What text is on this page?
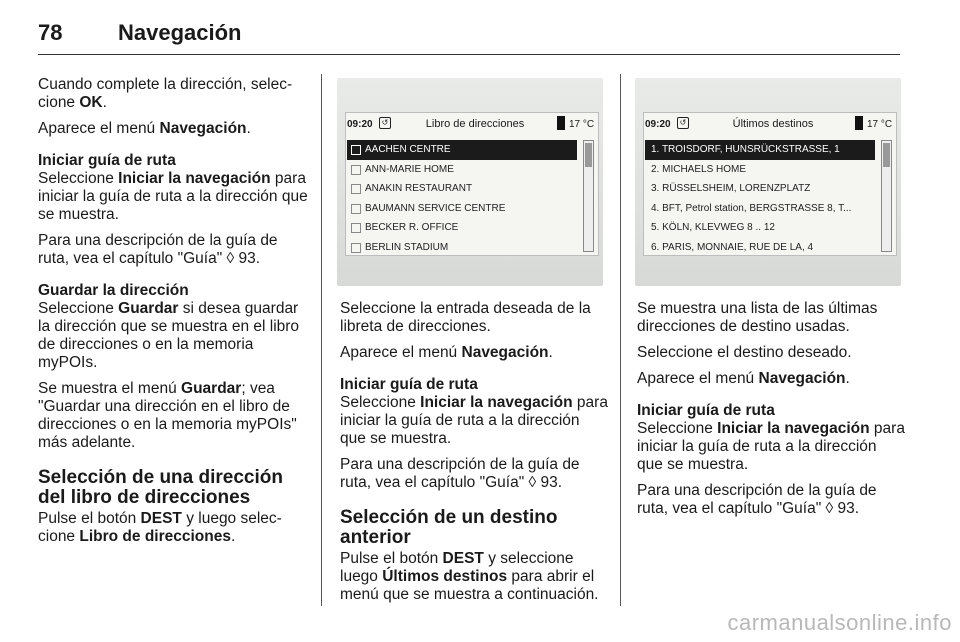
78	Navegación

Cuando complete la dirección, selec-cione OK.

Aparece el menú Navegación.

Iniciar guía de ruta

Seleccione Iniciar la navegación para iniciar la guía de ruta a la dirección que se muestra.

Para una descripción de la guía de ruta, vea el capítulo "Guía" ◊ 93.

Guardar la dirección

Seleccione Guardar si desea guardar la dirección que se muestra en el libro de direcciones o en la memoria myPOIs.

Se muestra el menú Guardar; vea "Guardar una dirección en el libro de direcciones o en la memoria myPOIs" más adelante.

Selección de una dirección del libro de direcciones

Pulse el botón DEST y luego selec-cione Libro de direcciones.

09:20	↺	Libro de direcciones	17 °C
AACHEN CENTRE
ANN-MARIE HOME
ANAKIN RESTAURANT
BAUMANN SERVICE CENTRE
BECKER R. OFFICE
BERLIN STADIUM
09:20	↺	Últimos destinos	17 °C
1. TROISDORF, HUNSRÜCKSTRASSE, 1
2. MICHAELS HOME
3. RÜSSELSHEIM, LORENZPLATZ
4. BFT, Petrol station, BERGSTRASSE 8, T...
5. KÖLN, KLEVWEG 8 .. 12
6. PARIS, MONNAIE, RUE DE LA, 4

Seleccione la entrada deseada de la libreta de direcciones.

Aparece el menú Navegación.

Iniciar guía de ruta

Seleccione Iniciar la navegación para iniciar la guía de ruta a la dirección que se muestra.

Para una descripción de la guía de ruta, vea el capítulo "Guía" ◊ 93.

Selección de un destino anterior

Pulse el botón DEST y seleccione luego Últimos destinos para abrir el menú que se muestra a continuación.

Se muestra una lista de las últimas direcciones de destino usadas.

Seleccione el destino deseado.

Aparece el menú Navegación.

Iniciar guía de ruta

Seleccione Iniciar la navegación para iniciar la guía de ruta a la dirección que se muestra.

Para una descripción de la guía de ruta, vea el capítulo "Guía" ◊ 93.

carmanualsonline.info
